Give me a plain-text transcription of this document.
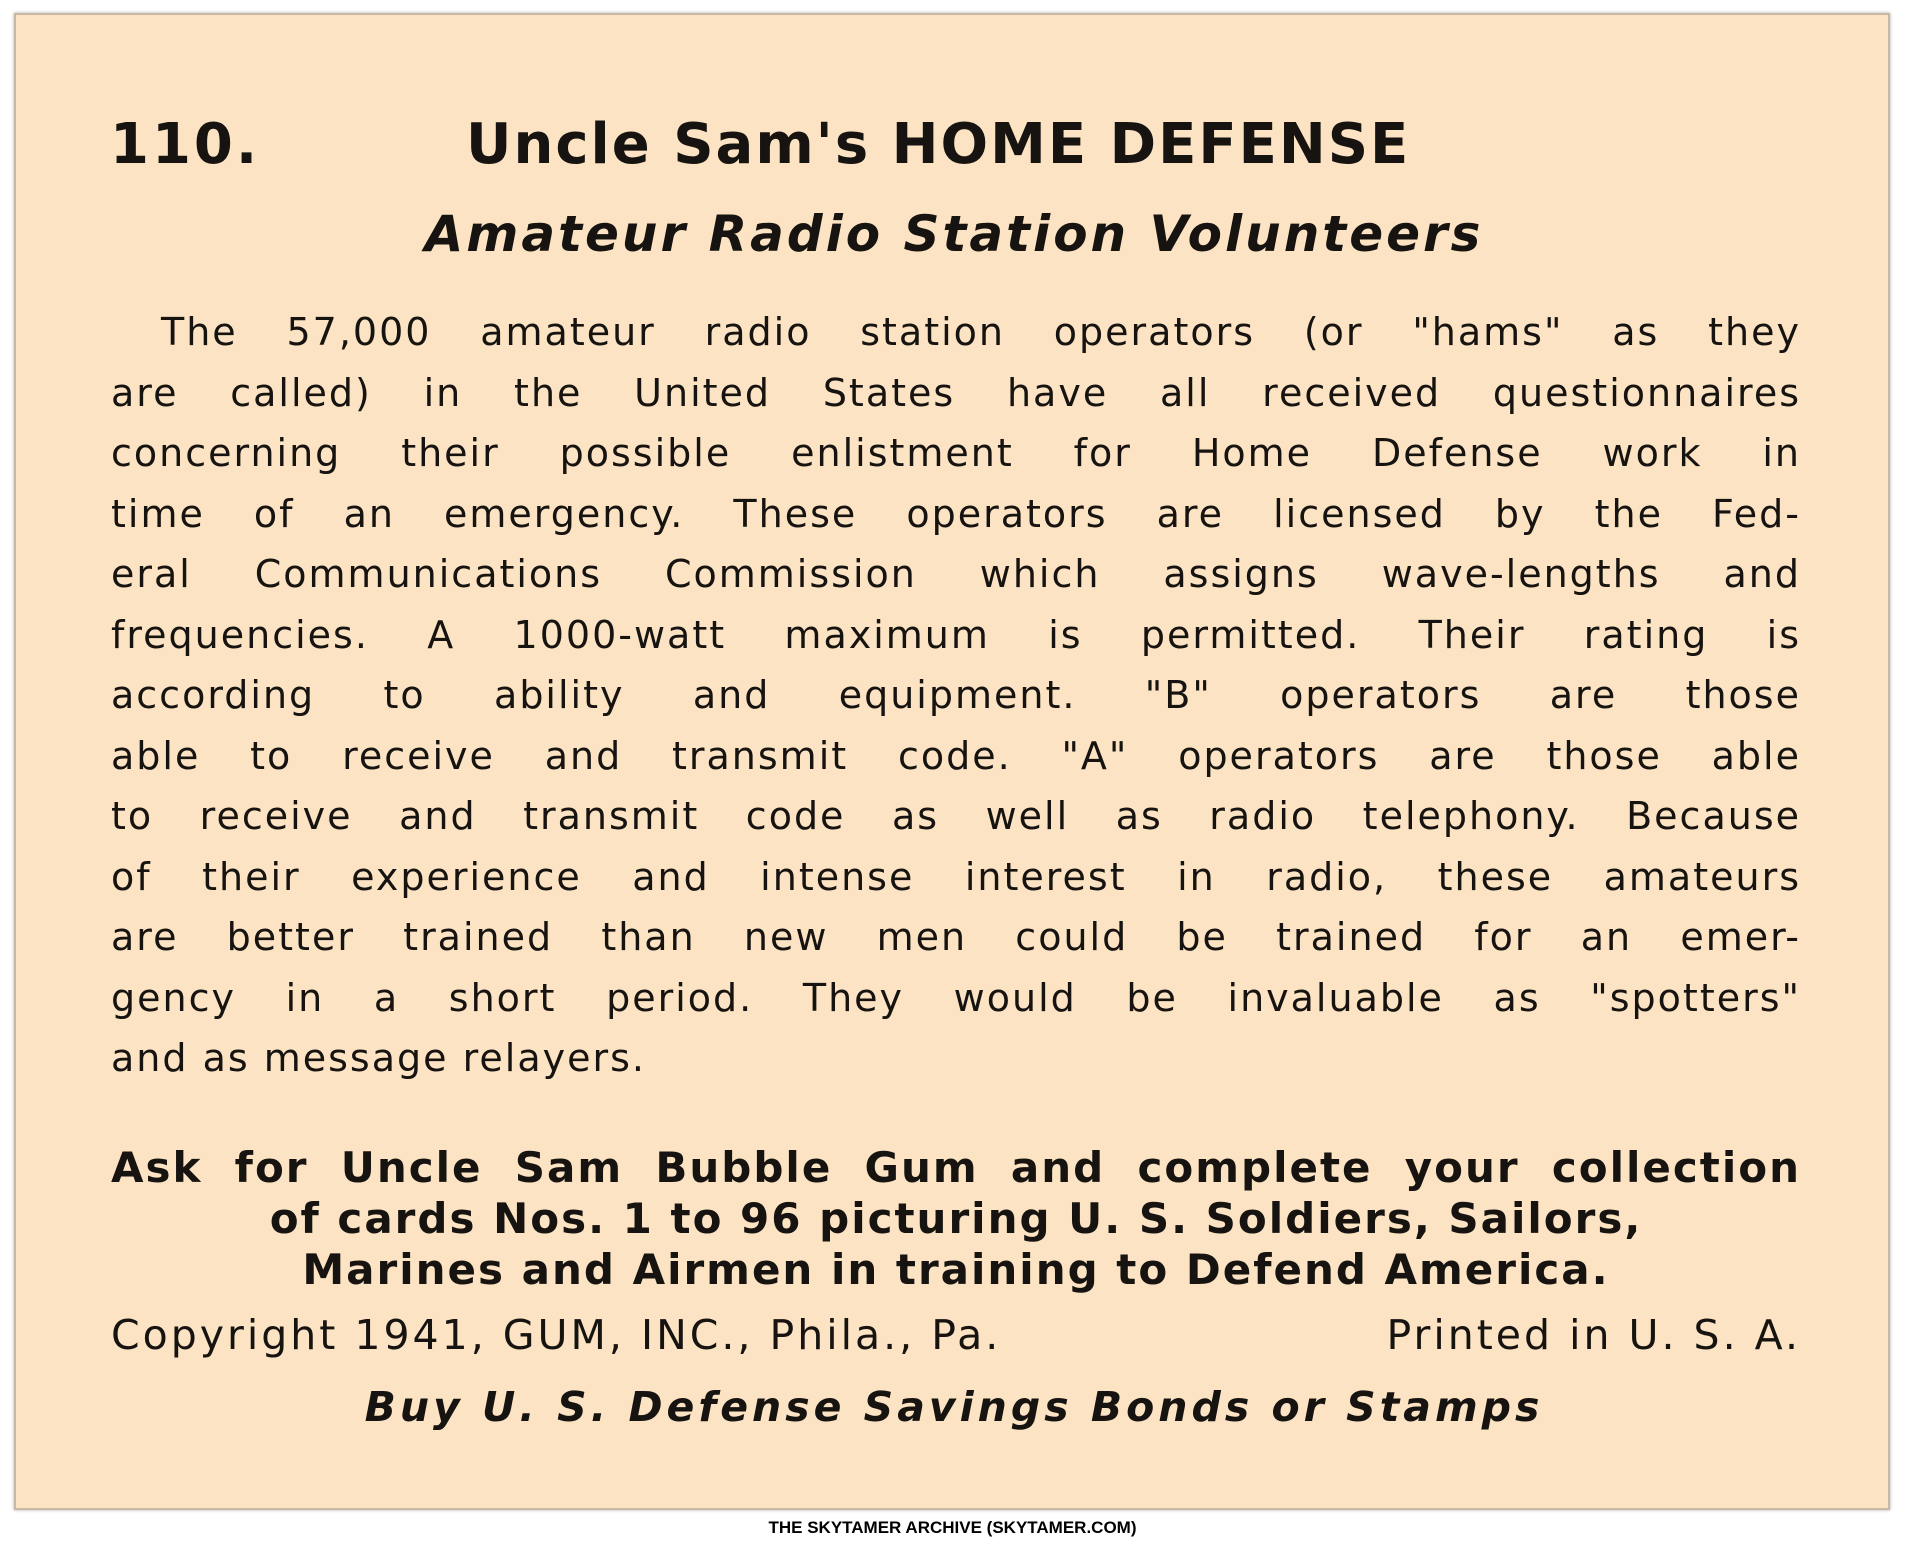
110.	Uncle Sam's HOME DEFENSE
Amateur Radio Station Volunteers
The 57,000 amateur radio station operators (or "hams" as they
are called) in the United States have all received questionnaires
concerning their possible enlistment for Home Defense work in
time of an emergency. These operators are licensed by the Fed-
eral Communications Commission which assigns wave-lengths and
frequencies. A 1000-watt maximum is permitted. Their rating is
according to ability and equipment. "B" operators are those
able to receive and transmit code. "A" operators are those able
to receive and transmit code as well as radio telephony. Because
of their experience and intense interest in radio, these amateurs
are better trained than new men could be trained for an emer-
gency in a short period. They would be invaluable as "spotters"
and as message relayers.
Ask for Uncle Sam Bubble Gum and complete your collection
of cards Nos. 1 to 96 picturing U. S. Soldiers, Sailors,
Marines and Airmen in training to Defend America.
Copyright 1941, GUM, INC., Phila., Pa.	Printed in U. S. A.

Buy U. S. Defense Savings Bonds or Stamps

THE SKYTAMER ARCHIVE (SKYTAMER.COM)
